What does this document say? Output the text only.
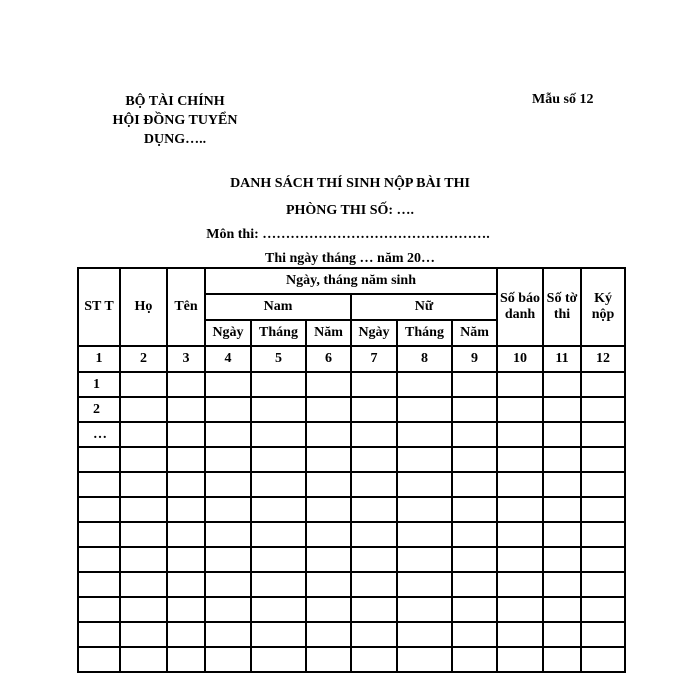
BỘ TÀI CHÍNH
HỘI ĐỒNG TUYỂN
DỤNG…..
Mẫu số 12
DANH SÁCH THÍ SINH NỘP BÀI THI
PHÒNG THI SỐ: ….
Môn thi: ………………………………………….
Thi ngày tháng … năm 20…
ST T	Họ	Tên	Ngày, tháng năm sinh						Số báo danh	Số tờ thi	Ký nộp
			Nam			Nữ					
			Ngày	Tháng	Năm	Ngày	Tháng	Năm			
1	2	3	4	5	6	7	8	9	10	11	12
1											
2											
…											
